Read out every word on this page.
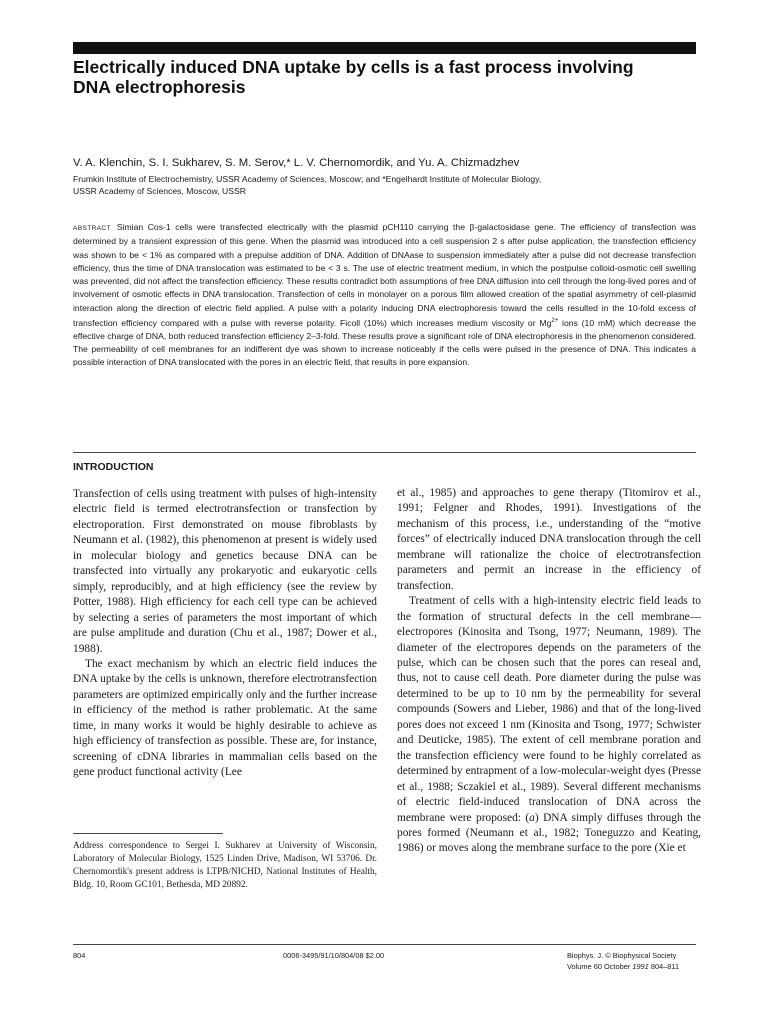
Electrically induced DNA uptake by cells is a fast process involving
DNA electrophoresis
V. A. Klenchin, S. I. Sukharev, S. M. Serov,* L. V. Chernomordik, and Yu. A. Chizmadzhev
Frumkin Institute of Electrochemistry, USSR Academy of Sciences, Moscow; and *Engelhardt Institute of Molecular Biology,
USSR Academy of Sciences, Moscow, USSR

ABSTRACT Simian Cos-1 cells were transfected electrically with the plasmid pCH110 carrying the β-galactosidase gene. The efficiency of transfection was determined by a transient expression of this gene. When the plasmid was introduced into a cell suspension 2 s after pulse application, the transfection efficiency was shown to be < 1% as compared with a prepulse addition of DNA. Addition of DNAase to suspension immediately after a pulse did not decrease transfection efficiency, thus the time of DNA translocation was estimated to be < 3 s. The use of electric treatment medium, in which the postpulse colloid-osmotic cell swelling was prevented, did not affect the transfection efficiency. These results contradict both assumptions of free DNA diffusion into cell through the long-lived pores and of involvement of osmotic effects in DNA translocation. Transfection of cells in monolayer on a porous film allowed creation of the spatial asymmetry of cell-plasmid interaction along the direction of electric field applied. A pulse with a polarity inducing DNA electrophoresis toward the cells resulted in the 10-fold excess of transfection efficiency compared with a pulse with reverse polarity. Ficoll (10%) which increases medium viscosity or $Mg^{2+}$ ions (10 mM) which decrease the effective charge of DNA, both reduced transfection efficiency 2–3-fold. These results prove a significant role of DNA electrophoresis in the phenomenon considered. The permeability of cell membranes for an indifferent dye was shown to increase noticeably if the cells were pulsed in the presence of DNA. This indicates a possible interaction of DNA translocated with the pores in an electric field, that results in pore expansion.

INTRODUCTION

Transfection of cells using treatment with pulses of high-intensity electric field is termed electrotransfection or transfection by electroporation. First demonstrated on mouse fibroblasts by Neumann et al. (1982), this phenomenon at present is widely used in molecular biology and genetics because DNA can be transfected into virtually any prokaryotic and eukaryotic cells simply, reproducibly, and at high efficiency (see the review by Potter, 1988). High efficiency for each cell type can be achieved by selecting a series of parameters the most important of which are pulse amplitude and duration (Chu et al., 1987; Dower et al., 1988).

The exact mechanism by which an electric field induces the DNA uptake by the cells is unknown, therefore electrotransfection parameters are optimized empirically only and the further increase in efficiency of the method is rather problematic. At the same time, in many works it would be highly desirable to achieve as high efficiency of transfection as possible. These are, for instance, screening of cDNA libraries in mammalian cells based on the gene product functional activity (Lee

et al., 1985) and approaches to gene therapy (Titomirov et al., 1991; Felgner and Rhodes, 1991). Investigations of the mechanism of this process, i.e., understanding of the “motive forces” of electrically induced DNA translocation through the cell membrane will rationalize the choice of electrotransfection parameters and permit an increase in the efficiency of transfection.

Treatment of cells with a high-intensity electric field leads to the formation of structural defects in the cell membrane—electropores (Kinosita and Tsong, 1977; Neumann, 1989). The diameter of the electropores depends on the parameters of the pulse, which can be chosen such that the pores can reseal and, thus, not to cause cell death. Pore diameter during the pulse was determined to be up to 10 nm by the permeability for several compounds (Sowers and Lieber, 1986) and that of the long-lived pores does not exceed 1 nm (Kinosita and Tsong, 1977; Schwister and Deuticke, 1985). The extent of cell membrane poration and the transfection efficiency were found to be highly correlated as determined by entrapment of a low-molecular-weight dyes (Presse et al., 1988; Sczakiel et al., 1989). Several different mechanisms of electric field-induced translocation of DNA across the membrane were proposed: (a) DNA simply diffuses through the pores formed (Neumann et al., 1982; Toneguzzo and Keating, 1986) or moves along the membrane surface to the pore (Xie et

Address correspondence to Sergei I. Sukharev at University of Wisconsin, Laboratory of Molecular Biology, 1525 Linden Drive, Madison, WI 53706. Dr. Chernomordik's present address is LTPB/NICHD, National Institutes of Health, Bldg. 10, Room GC101, Bethesda, MD 20892.

804	0006-3495/91/10/804/08 $2.00	Biophys. J. © Biophysical Society
Volume 60 October 1991 804–811
